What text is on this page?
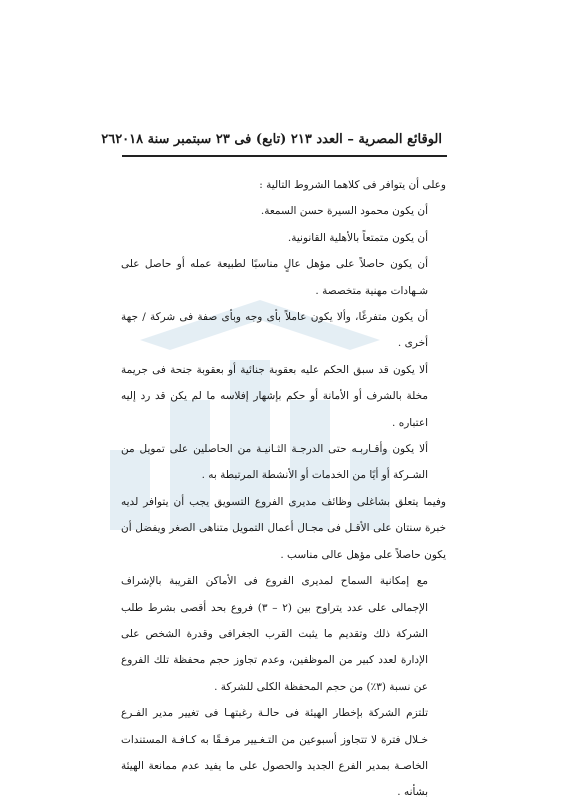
الوقائع المصرية – العدد ٢١٣ (تابع) فى ٢٣ سبتمبر سنة ٢٠١٨
٢٦

وعلى أن يتوافر فى كلاهما الشروط التالية :

أن يكون محمود السيرة حسن السمعة.

أن يكون متمتعاً بالأهلية القانونية.

أن يكون حاصلاً على مؤهل عالٍ مناسبًا لطبيعة عمله أو حاصل على شـهادات مهنية متخصصة .

أن يكون متفرغًا، وألا يكون عاملاً بأى وجه وبأى صفة فى شركة / جهة أخرى .

ألا يكون قد سبق الحكم عليه بعقوبة جنائية أو بعقوبة جنحة فى جريمة مخلة بالشرف أو الأمانة أو حكم بإشهار إفلاسه ما لم يكن قد رد إليه اعتباره .

ألا يكون وأقـاربـه حتى الدرجـة الثـانيـة من الحاصلين على تمويل من الشـركة أو أيًا من الخدمات أو الأنشطة المرتبطة به .

وفيما يتعلق بشاغلى وظائف مديرى الفروع التسويق يجب أن يتوافر لديه خبرة سنتان على الأقـل فى مجـال أعمال التمويل متناهى الصغر ويفضل أن يكون حاصلاً على مؤهل عالى مناسب .

مع إمكانية السماح لمديرى الفروع فى الأماكن القريبة بالإشراف الإجمالى على عدد يتراوح بين (٢ – ٣) فروع بحد أقصى بشرط طلب الشركة ذلك وتقديم ما يثبت القرب الجغرافى وقدرة الشخص على الإدارة لعدد كبير من الموظفين، وعدم تجاوز حجم محفظة تلك الفروع عن نسبة (٣٪) من حجم المحفظة الكلى للشركة .

تلتزم الشركة بإخطار الهيئة فى حالـة رغبتهـا فى تغيير مدير الفـرع خـلال فترة لا تتجاوز أسبوعين من التـغـيير مرفـقًا به كـافـة المستندات الخاصـة بمدير الفرع الجديد والحصول على ما يفيد عدم ممانعة الهيئة بشأنه .
